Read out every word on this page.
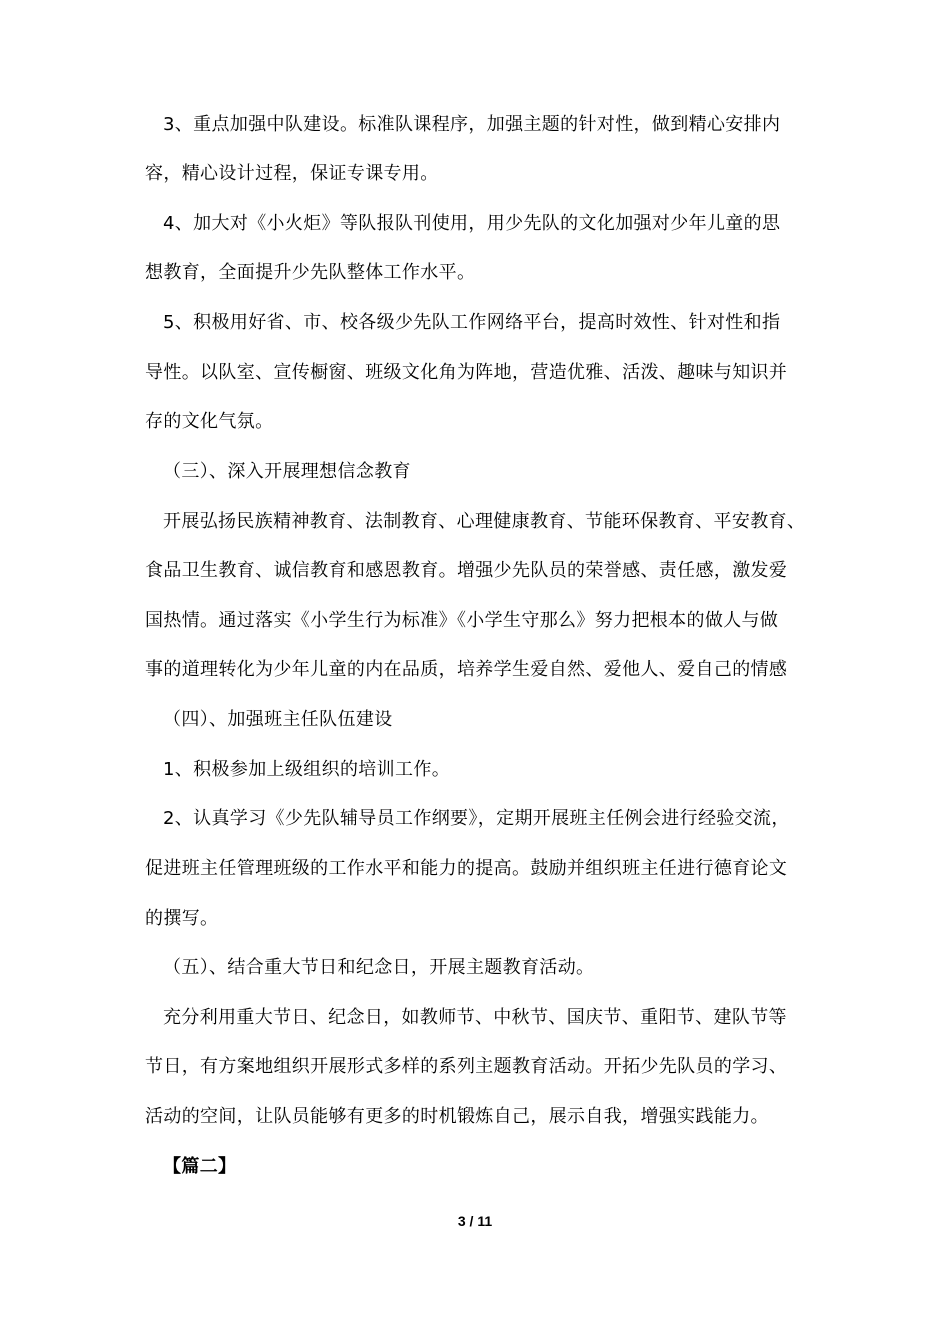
3、重点加强中队建设。标准队课程序，加强主题的针对性，做到精心安排内
容，精心设计过程，保证专课专用。
4、加大对《小火炬》等队报队刊使用，用少先队的文化加强对少年儿童的思
想教育，全面提升少先队整体工作水平。
5、积极用好省、市、校各级少先队工作网络平台，提高时效性、针对性和指
导性。以队室、宣传橱窗、班级文化角为阵地，营造优雅、活泼、趣味与知识并
存的文化气氛。
（三）、深入开展理想信念教育
开展弘扬民族精神教育、法制教育、心理健康教育、节能环保教育、平安教育、
食品卫生教育、诚信教育和感恩教育。增强少先队员的荣誉感、责任感，激发爱
国热情。通过落实《小学生行为标准》《小学生守那么》努力把根本的做人与做
事的道理转化为少年儿童的内在品质，培养学生爱自然、爱他人、爱自己的情感
（四）、加强班主任队伍建设
1、积极参加上级组织的培训工作。
2、认真学习《少先队辅导员工作纲要》，定期开展班主任例会进行经验交流，
促进班主任管理班级的工作水平和能力的提高。鼓励并组织班主任进行德育论文
的撰写。
（五）、结合重大节日和纪念日，开展主题教育活动。
充分利用重大节日、纪念日，如教师节、中秋节、国庆节、重阳节、建队节等
节日，有方案地组织开展形式多样的系列主题教育活动。开拓少先队员的学习、
活动的空间，让队员能够有更多的时机锻炼自己，展示自我，增强实践能力。
【篇二】
3 / 11
